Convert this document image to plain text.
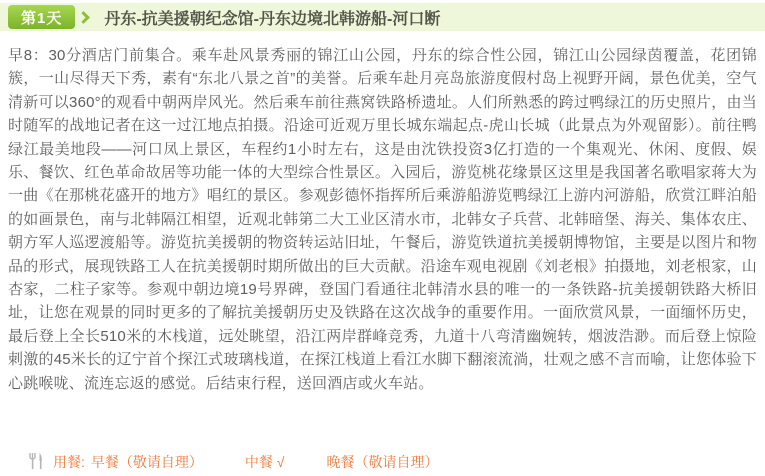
第1天	丹东-抗美援朝纪念馆-丹东边境北韩游船-河口断

早8：30分酒店门前集合。乘车赴风景秀丽的锦江山公园，丹东的综合性公园，锦江山公园绿茵覆盖，花团锦簇，一山尽得天下秀，素有“东北八景之首”的美誉。后乘车赴月亮岛旅游度假村岛上视野开阔，景色优美，空气清新可以360°的观看中朝两岸风光。然后乘车前往燕窝铁路桥遗址。人们所熟悉的跨过鸭绿江的历史照片，由当时随军的战地记者在这一过江地点拍摄。沿途可近观万里长城东端起点-虎山长城（此景点为外观留影）。前往鸭绿江最美地段——河口凤上景区，车程约1小时左右，这是由沈铁投资3亿打造的一个集观光、休闲、度假、娱乐、餐饮、红色革命故居等功能一体的大型综合性景区。入园后，游览桃花缘景区这里是我国著名歌唱家蒋大为一曲《在那桃花盛开的地方》唱红的景区。参观彭德怀指挥所后乘游船游览鸭绿江上游内河游船，欣赏江畔泊船的如画景色，南与北韩隔江相望，近观北韩第二大工业区清水市，北韩女子兵营、北韩暗堡、海关、集体农庄、朝方军人巡逻渡船等。游览抗美援朝的物资转运站旧址，午餐后，游览铁道抗美援朝博物馆，主要是以图片和物品的形式，展现铁路工人在抗美援朝时期所做出的巨大贡献。沿途车观电视剧《刘老根》拍摄地，刘老根家，山杏家，二柱子家等。参观中朝边境19号界碑，登国门看通往北韩清水县的唯一的一条铁路-抗美援朝铁路大桥旧址，让您在观景的同时更多的了解抗美援朝历史及铁路在这次战争的重要作用。一面欣赏风景，一面缅怀历史，最后登上全长510米的木栈道，远处眺望，沿江两岸群峰竞秀，九道十八弯清幽婉转，烟波浩渺。而后登上惊险刺激的45米长的辽宁首个探江式玻璃栈道，在探江栈道上看江水脚下翻滚流淌，壮观之感不言而喻，让您体验下心跳喉咙、流连忘返的感觉。后结束行程，送回酒店或火车站。

用餐: 早餐（敬请自理）	中餐 √	晚餐（敬请自理）
